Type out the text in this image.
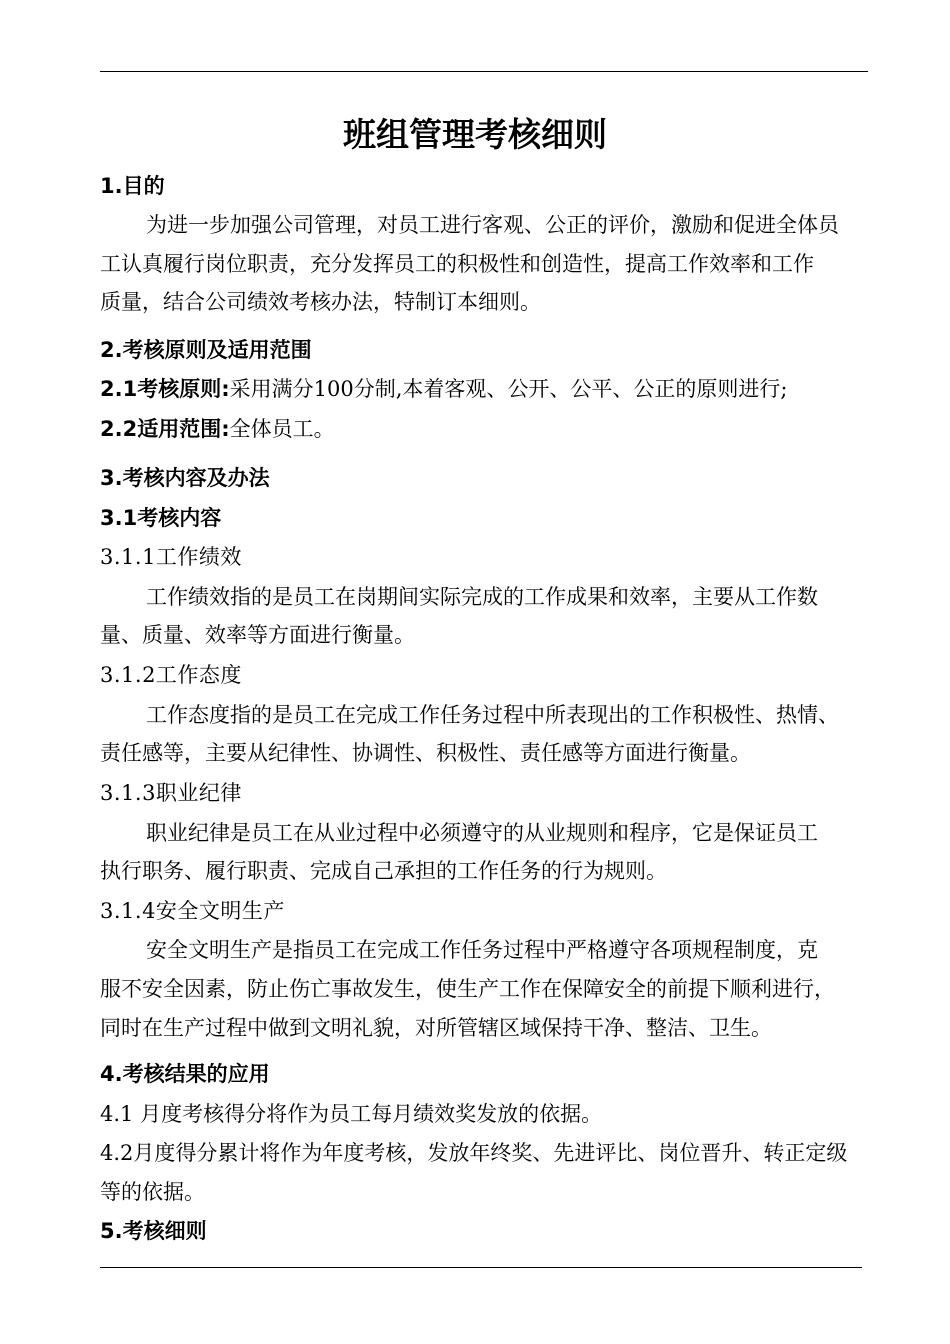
班组管理考核细则
1.目的
为进一步加强公司管理，对员工进行客观、公正的评价，激励和促进全体员
工认真履行岗位职责，充分发挥员工的积极性和创造性，提高工作效率和工作
质量，结合公司绩效考核办法，特制订本细则。
2.考核原则及适用范围
2.1考核原则:采用满分100分制,本着客观、公开、公平、公正的原则进行;
2.2适用范围:全体员工。
3.考核内容及办法
3.1考核内容
3.1.1工作绩效
工作绩效指的是员工在岗期间实际完成的工作成果和效率，主要从工作数
量、质量、效率等方面进行衡量。
3.1.2工作态度
工作态度指的是员工在完成工作任务过程中所表现出的工作积极性、热情、
责任感等，主要从纪律性、协调性、积极性、责任感等方面进行衡量。
3.1.3职业纪律
职业纪律是员工在从业过程中必须遵守的从业规则和程序，它是保证员工
执行职务、履行职责、完成自己承担的工作任务的行为规则。
3.1.4安全文明生产
安全文明生产是指员工在完成工作任务过程中严格遵守各项规程制度，克
服不安全因素，防止伤亡事故发生，使生产工作在保障安全的前提下顺利进行，
同时在生产过程中做到文明礼貌，对所管辖区域保持干净、整洁、卫生。
4.考核结果的应用
4.1 月度考核得分将作为员工每月绩效奖发放的依据。
4.2月度得分累计将作为年度考核，发放年终奖、先进评比、岗位晋升、转正定级
等的依据。
5.考核细则
